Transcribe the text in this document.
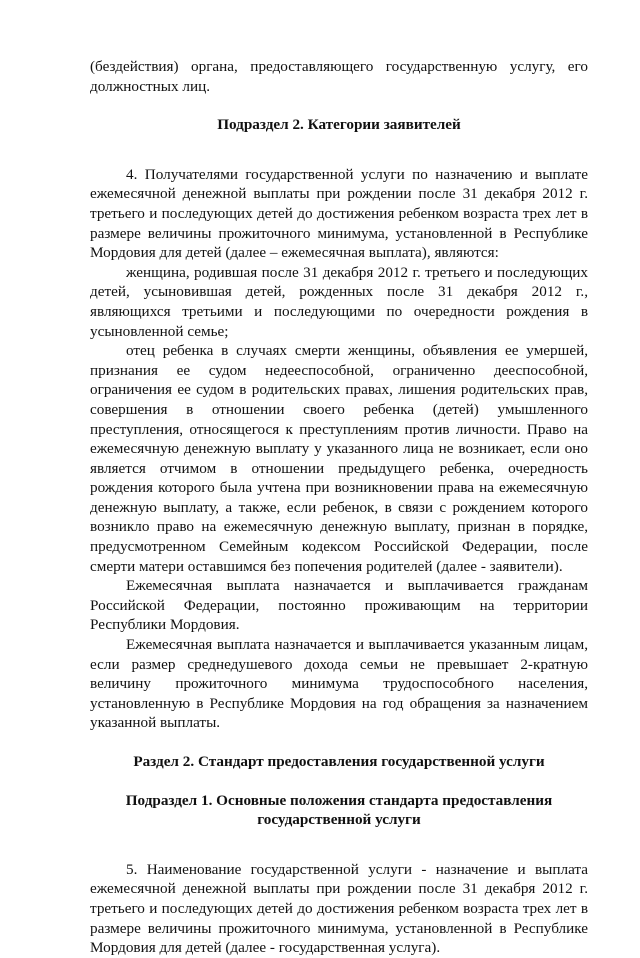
(бездействия) органа, предоставляющего государственную услугу, его должностных лиц.

Подраздел 2. Категории заявителей

4. Получателями государственной услуги по назначению и выплате ежемесячной денежной выплаты при рождении после 31 декабря 2012 г. третьего и последующих детей до достижения ребенком возраста трех лет в размере величины прожиточного минимума, установленной в Республике Мордовия для детей (далее – ежемесячная выплата), являются:

женщина, родившая после 31 декабря 2012 г. третьего и последующих детей, усыновившая детей, рожденных после 31 декабря 2012 г., являющихся третьими и последующими по очередности рождения в усыновленной семье;

отец ребенка в случаях смерти женщины, объявления ее умершей, признания ее судом недееспособной, ограниченно дееспособной, ограничения ее судом в родительских правах, лишения родительских прав, совершения в отношении своего ребенка (детей) умышленного преступления, относящегося к преступлениям против личности. Право на ежемесячную денежную выплату у указанного лица не возникает, если оно является отчимом в отношении предыдущего ребенка, очередность рождения которого была учтена при возникновении права на ежемесячную денежную выплату, а также, если ребенок, в связи с рождением которого возникло право на ежемесячную денежную выплату, признан в порядке, предусмотренном Семейным кодексом Российской Федерации, после смерти матери оставшимся без попечения родителей (далее - заявители).

Ежемесячная выплата назначается и выплачивается гражданам Российской Федерации, постоянно проживающим на территории Республики Мордовия.

Ежемесячная выплата назначается и выплачивается указанным лицам, если размер среднедушевого дохода семьи не превышает 2-кратную величину прожиточного минимума трудоспособного населения, установленную в Республике Мордовия на год обращения за назначением указанной выплаты.

Раздел 2. Стандарт предоставления государственной услуги
Подраздел 1. Основные положения стандарта предоставления
государственной услуги

5. Наименование государственной услуги - назначение и выплата ежемесячной денежной выплаты при рождении после 31 декабря 2012 г. третьего и последующих детей до достижения ребенком возраста трех лет в размере величины прожиточного минимума, установленной в Республике Мордовия для детей (далее - государственная услуга).
